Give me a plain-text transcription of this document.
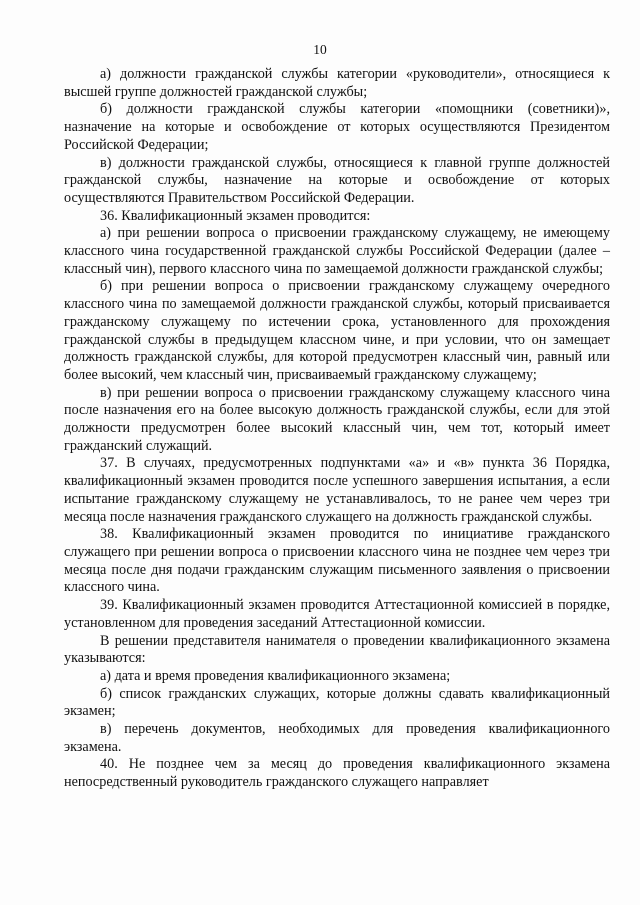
10

а) должности гражданской службы категории «руководители», относящиеся к высшей группе должностей гражданской службы;

б) должности гражданской службы категории «помощники (советники)», назначение на которые и освобождение от которых осуществляются Президентом Российской Федерации;

в) должности гражданской службы, относящиеся к главной группе должностей гражданской службы, назначение на которые и освобождение от которых осуществляются Правительством Российской Федерации.

36. Квалификационный экзамен проводится:

а) при решении вопроса о присвоении гражданскому служащему, не имеющему классного чина государственной гражданской службы Российской Федерации (далее – классный чин), первого классного чина по замещаемой должности гражданской службы;

б) при решении вопроса о присвоении гражданскому служащему очередного классного чина по замещаемой должности гражданской службы, который присваивается гражданскому служащему по истечении срока, установленного для прохождения гражданской службы в предыдущем классном чине, и при условии, что он замещает должность гражданской службы, для которой предусмотрен классный чин, равный или более высокий, чем классный чин, присваиваемый гражданскому служащему;

в) при решении вопроса о присвоении гражданскому служащему классного чина после назначения его на более высокую должность гражданской службы, если для этой должности предусмотрен более высокий классный чин, чем тот, который имеет гражданский служащий.

37. В случаях, предусмотренных подпунктами «а» и «в» пункта 36 Порядка, квалификационный экзамен проводится после успешного завершения испытания, а если испытание гражданскому служащему не устанавливалось, то не ранее чем через три месяца после назначения гражданского служащего на должность гражданской службы.

38. Квалификационный экзамен проводится по инициативе гражданского служащего при решении вопроса о присвоении классного чина не позднее чем через три месяца после дня подачи гражданским служащим письменного заявления о присвоении классного чина.

39. Квалификационный экзамен проводится Аттестационной комиссией в порядке, установленном для проведения заседаний Аттестационной комиссии.

В решении представителя нанимателя о проведении квалификационного экзамена указываются:

а) дата и время проведения квалификационного экзамена;

б) список гражданских служащих, которые должны сдавать квалификационный экзамен;

в) перечень документов, необходимых для проведения квалификационного экзамена.

40. Не позднее чем за месяц до проведения квалификационного экзамена непосредственный руководитель гражданского служащего направляет
